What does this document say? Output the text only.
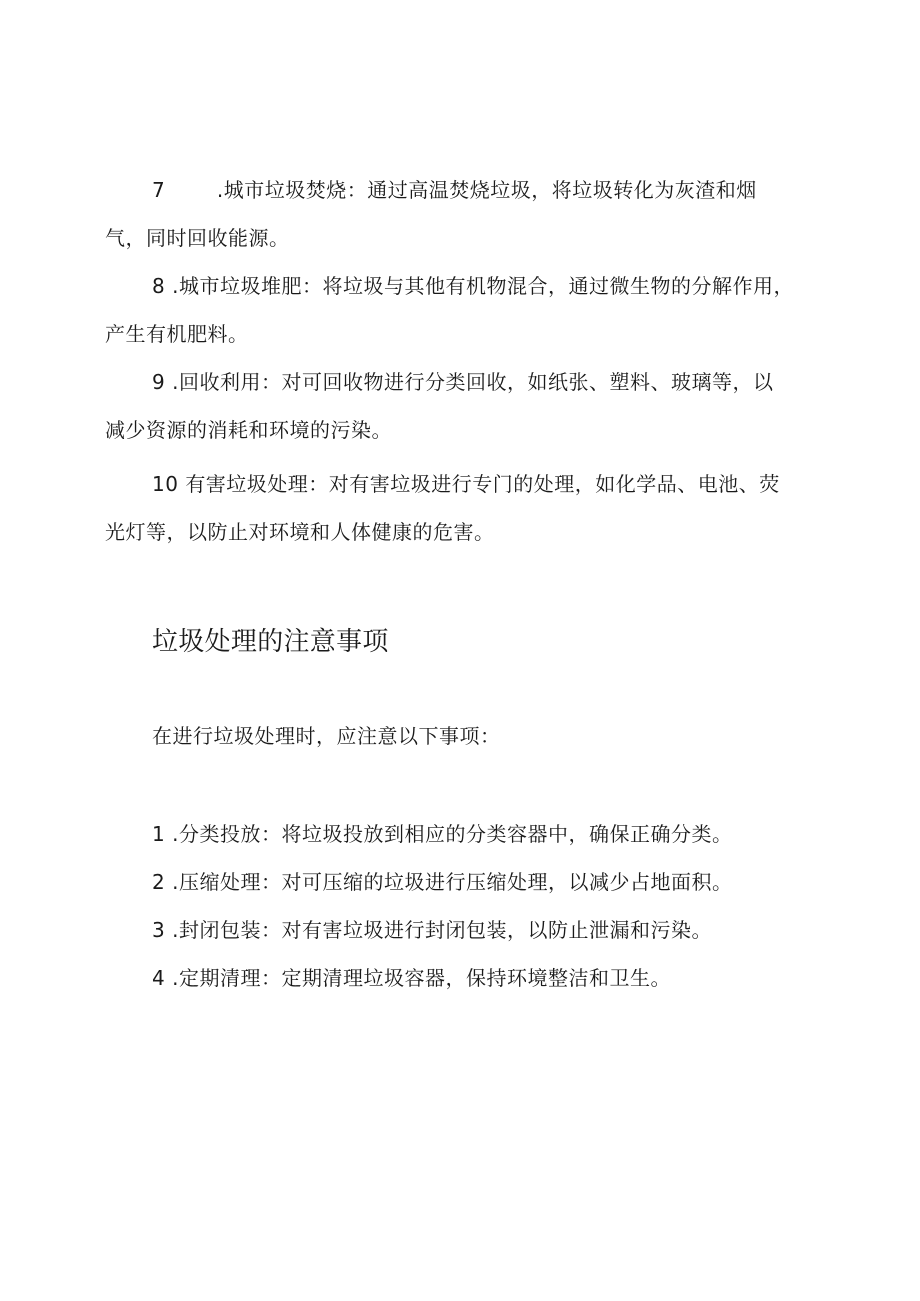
7 .城市垃圾焚烧：通过高温焚烧垃圾，将垃圾转化为灰渣和烟
气，同时回收能源。
8 .城市垃圾堆肥：将垃圾与其他有机物混合，通过微生物的分解作用，
产生有机肥料。
9 .回收利用：对可回收物进行分类回收，如纸张、塑料、玻璃等，以
减少资源的消耗和环境的污染。
10 有害垃圾处理：对有害垃圾进行专门的处理，如化学品、电池、荧
光灯等，以防止对环境和人体健康的危害。
垃圾处理的注意事项
在进行垃圾处理时，应注意以下事项：
1 .分类投放：将垃圾投放到相应的分类容器中，确保正确分类。
2 .压缩处理：对可压缩的垃圾进行压缩处理，以减少占地面积。
3 .封闭包装：对有害垃圾进行封闭包装，以防止泄漏和污染。
4 .定期清理：定期清理垃圾容器，保持环境整洁和卫生。
